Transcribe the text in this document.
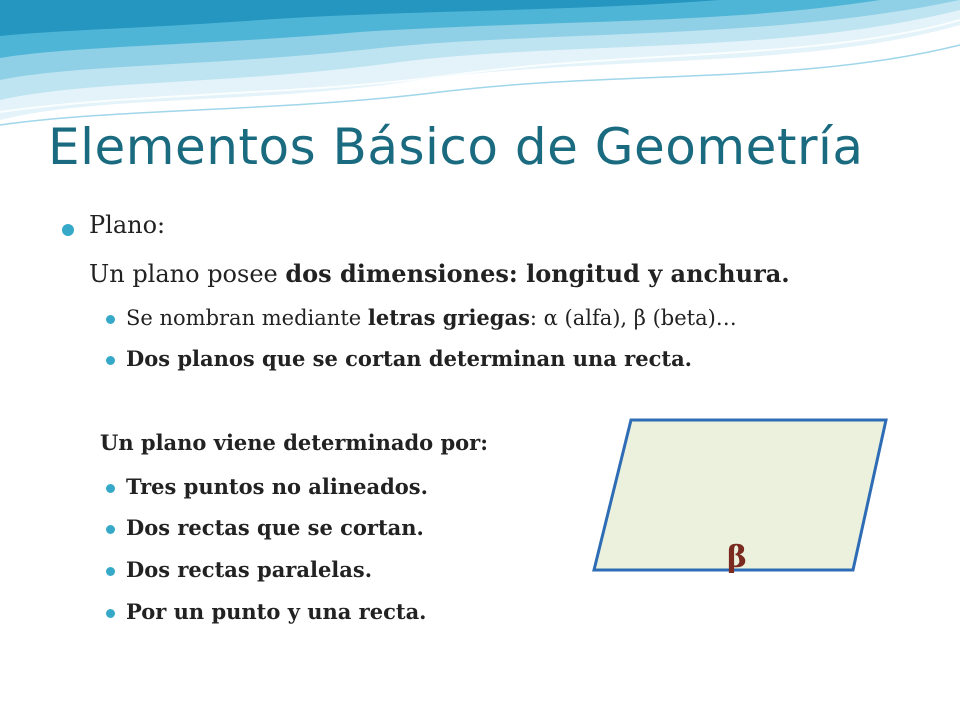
Elementos Básico de Geometría
Plano:
Un plano posee dos dimensiones: longitud y anchura.
Se nombran mediante letras griegas: α (alfa), β (beta)…
Dos planos que se cortan determinan una recta.
Un plano viene determinado por:
Tres puntos no alineados.
Dos rectas que se cortan.
Dos rectas paralelas.
Por un punto y una recta.
β
